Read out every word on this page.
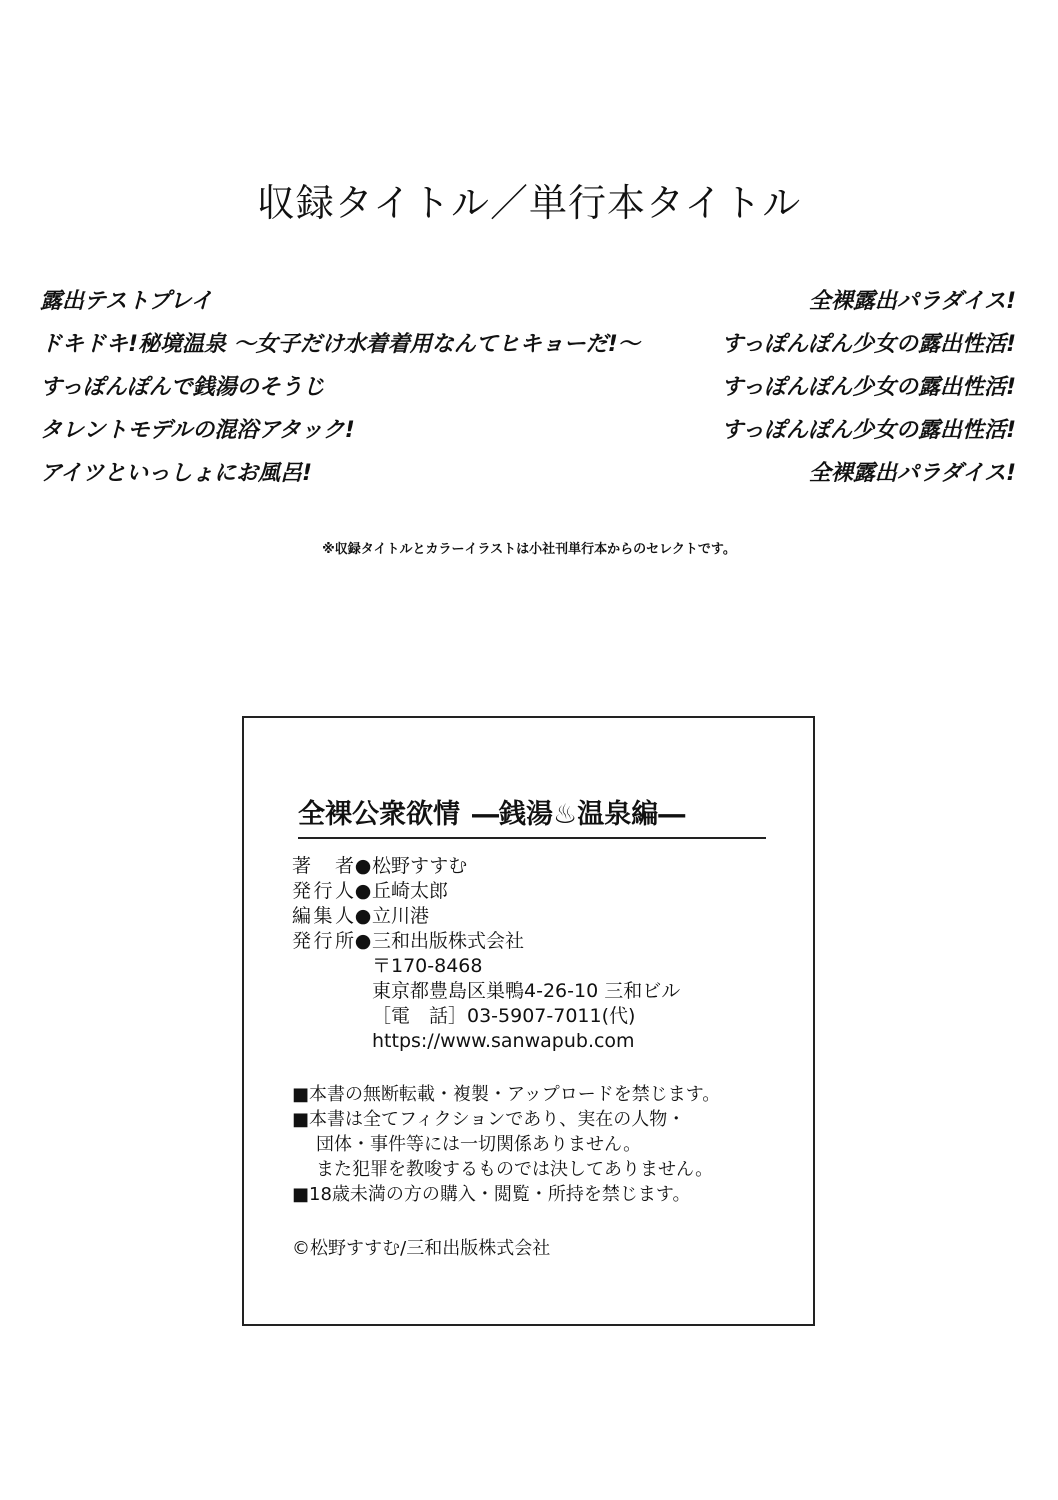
収録タイトル／単行本タイトル
露出テストプレイ	全裸露出パラダイス!
ドキドキ!秘境温泉 〜女子だけ水着着用なんてヒキョーだ!〜	すっぽんぽん少女の露出性活!
すっぽんぽんで銭湯のそうじ	すっぽんぽん少女の露出性活!
タレントモデルの混浴アタック!	すっぽんぽん少女の露出性活!
アイツといっしょにお風呂!	全裸露出パラダイス!
※収録タイトルとカラーイラストは小社刊単行本からのセレクトです。
全裸公衆欲情 ―銭湯♨温泉編―
著　者●松野すすむ
発行人●丘崎太郎
編集人●立川港
発行所●三和出版株式会社
〒170-8468
東京都豊島区巣鴨4-26-10 三和ビル
［電　話］03-5907-7011(代)
https://www.sanwapub.com
■本書の無断転載・複製・アップロードを禁じます。
■本書は全てフィクションであり、実在の人物・
団体・事件等には一切関係ありません。
また犯罪を教唆するものでは決してありません。
■18歳未満の方の購入・閲覧・所持を禁じます。
©松野すすむ/三和出版株式会社
